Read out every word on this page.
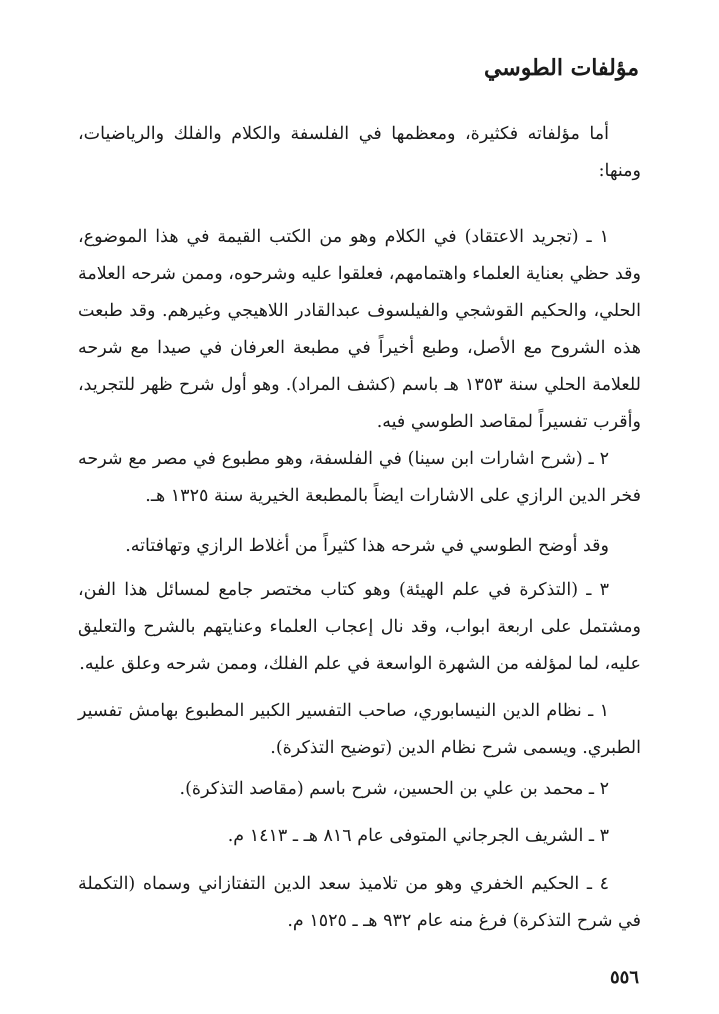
مؤلفات الطوسي

أما مؤلفاته فكثيرة، ومعظمها في الفلسفة والكلام والفلك والرياضيات، ومنها:

١ ـ (تجريد الاعتقاد) في الكلام وهو من الكتب القيمة في هذا الموضوع، وقد حظي بعناية العلماء واهتمامهم، فعلقوا عليه وشرحوه، وممن شرحه العلامة الحلي، والحكيم القوشجي والفيلسوف عبدالقادر اللاهيجي وغيرهم. وقد طبعت هذه الشروح مع الأصل، وطبع أخيراً في مطبعة العرفان في صيدا مع شرحه للعلامة الحلي سنة ١٣٥٣ هـ باسم (كشف المراد). وهو أول شرح ظهر للتجريد، وأقرب تفسيراً لمقاصد الطوسي فيه.

٢ ـ (شرح اشارات ابن سينا) في الفلسفة، وهو مطبوع في مصر مع شرحه فخر الدين الرازي على الاشارات ايضاً بالمطبعة الخيرية سنة ١٣٢٥ هـ.

وقد أوضح الطوسي في شرحه هذا كثيراً من أغلاط الرازي وتهافتاته.

٣ ـ (التذكرة في علم الهيئة) وهو كتاب مختصر جامع لمسائل هذا الفن، ومشتمل على اربعة ابواب، وقد نال إعجاب العلماء وعنايتهم بالشرح والتعليق عليه، لما لمؤلفه من الشهرة الواسعة في علم الفلك، وممن شرحه وعلق عليه.

١ ـ نظام الدين النيسابوري، صاحب التفسير الكبير المطبوع بهامش تفسير الطبري. ويسمى شرح نظام الدين (توضيح التذكرة).

٢ ـ محمد بن علي بن الحسين، شرح باسم (مقاصد التذكرة).

٣ ـ الشريف الجرجاني المتوفى عام ٨١٦ هـ ـ ١٤١٣ م.

٤ ـ الحكيم الخفري وهو من تلاميذ سعد الدين التفتازاني وسماه (التكملة في شرح التذكرة) فرغ منه عام ٩٣٢ هـ ـ ١٥٢٥ م.

٥٥٦
